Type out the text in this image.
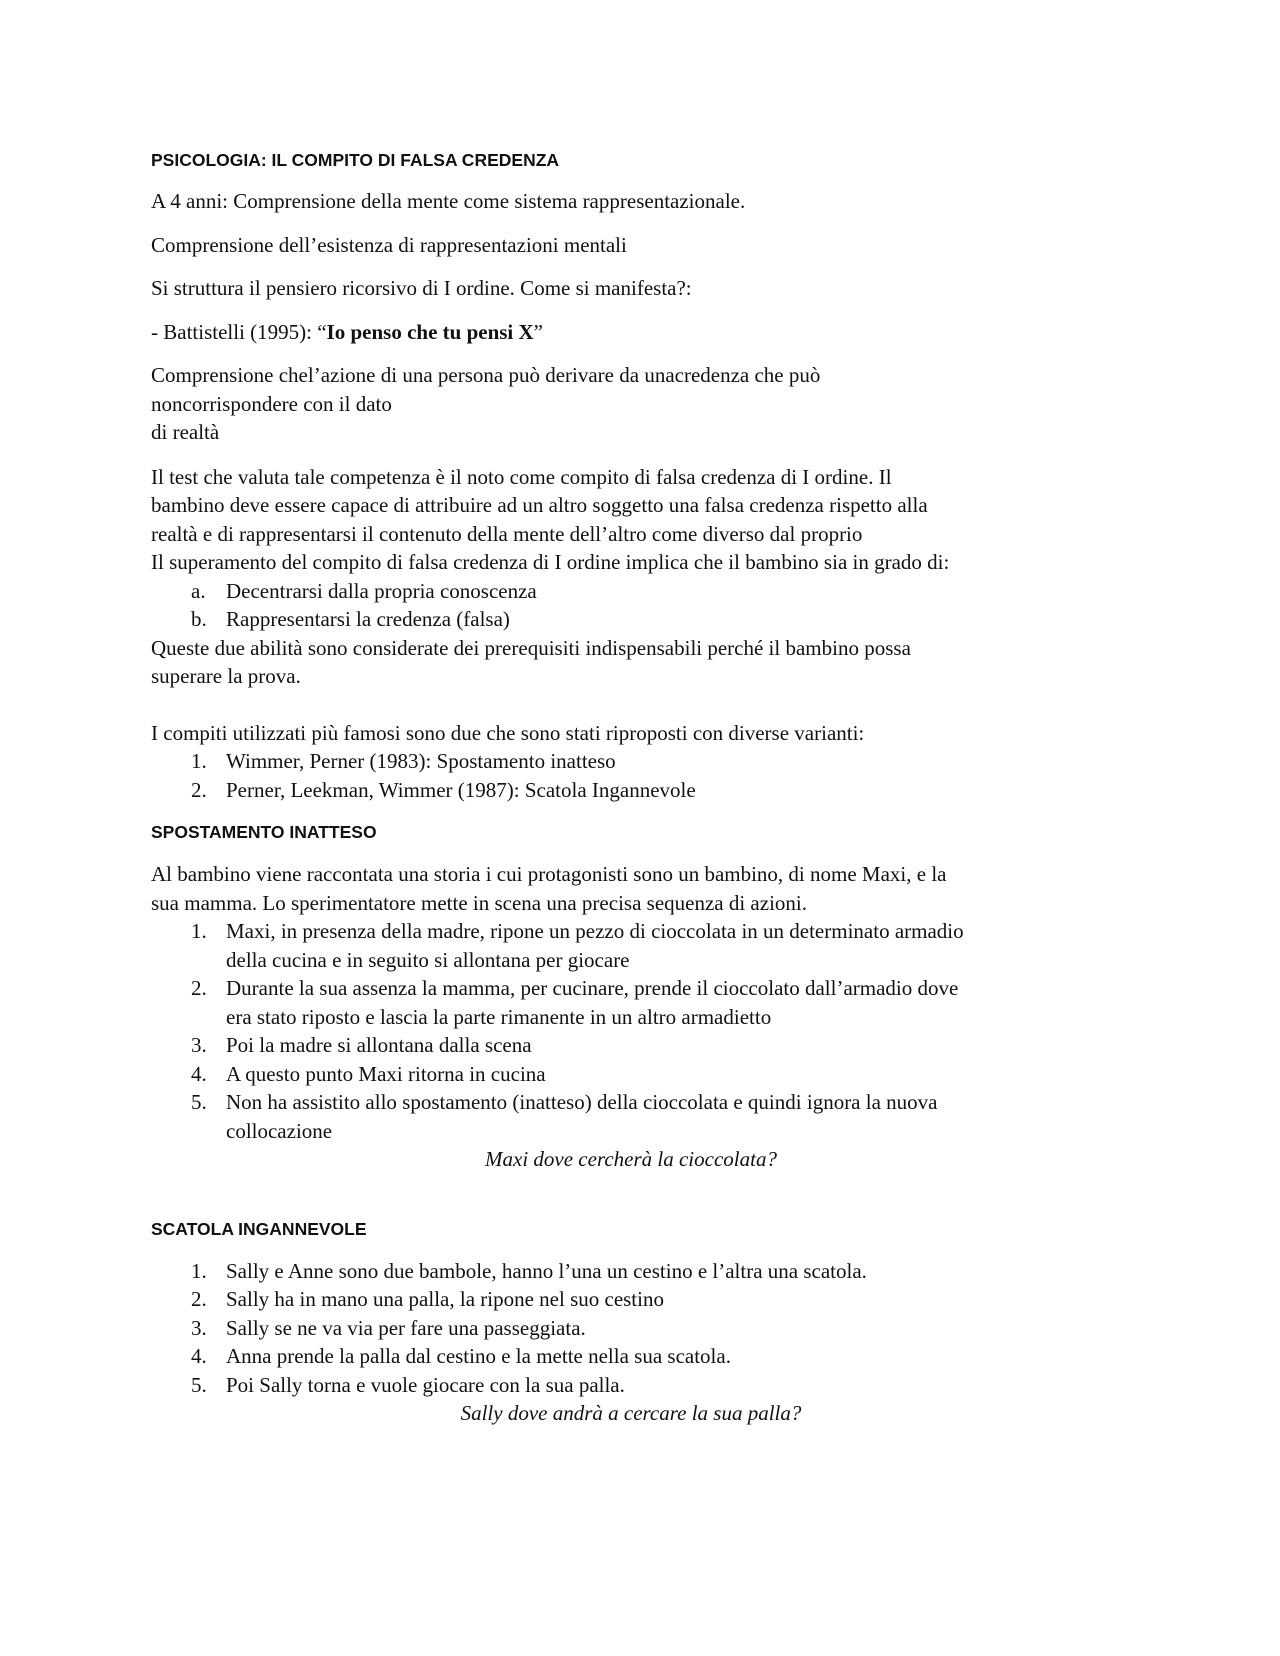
PSICOLOGIA: IL COMPITO DI FALSA CREDENZA

A 4 anni: Comprensione della mente come sistema rappresentazionale.

Comprensione dell’esistenza di rappresentazioni mentali

Si struttura il pensiero ricorsivo di I ordine. Come si manifesta?:

- Battistelli (1995): “Io penso che tu pensi X”

Comprensione chel’azione di una persona può derivare da unacredenza che può

noncorrispondere con il dato

di realtà

Il test che valuta tale competenza è il noto come compito di falsa credenza di I ordine. Il

bambino deve essere capace di attribuire ad un altro soggetto una falsa credenza rispetto alla

realtà e di rappresentarsi il contenuto della mente dell’altro come diverso dal proprio

Il superamento del compito di falsa credenza di I ordine implica che il bambino sia in grado di:

a. Decentrarsi dalla propria conoscenza
b. Rappresentarsi la credenza (falsa)

Queste due abilità sono considerate dei prerequisiti indispensabili perché il bambino possa

superare la prova.

I compiti utilizzati più famosi sono due che sono stati riproposti con diverse varianti:

1. Wimmer, Perner (1983): Spostamento inatteso
2. Perner, Leekman, Wimmer (1987): Scatola Ingannevole

SPOSTAMENTO INATTESO

Al bambino viene raccontata una storia i cui protagonisti sono un bambino, di nome Maxi, e la

sua mamma. Lo sperimentatore mette in scena una precisa sequenza di azioni.

1. Maxi, in presenza della madre, ripone un pezzo di cioccolata in un determinato armadio
della cucina e in seguito si allontana per giocare
2. Durante la sua assenza la mamma, per cucinare, prende il cioccolato dall’armadio dove
era stato riposto e lascia la parte rimanente in un altro armadietto
3. Poi la madre si allontana dalla scena
4. A questo punto Maxi ritorna in cucina
5. Non ha assistito allo spostamento (inatteso) della cioccolata e quindi ignora la nuova
collocazione

Maxi dove cercherà la cioccolata?

SCATOLA INGANNEVOLE

1. Sally e Anne sono due bambole, hanno l’una un cestino e l’altra una scatola.
2. Sally ha in mano una palla, la ripone nel suo cestino
3. Sally se ne va via per fare una passeggiata.
4. Anna prende la palla dal cestino e la mette nella sua scatola.
5. Poi Sally torna e vuole giocare con la sua palla.

Sally dove andrà a cercare la sua palla?
